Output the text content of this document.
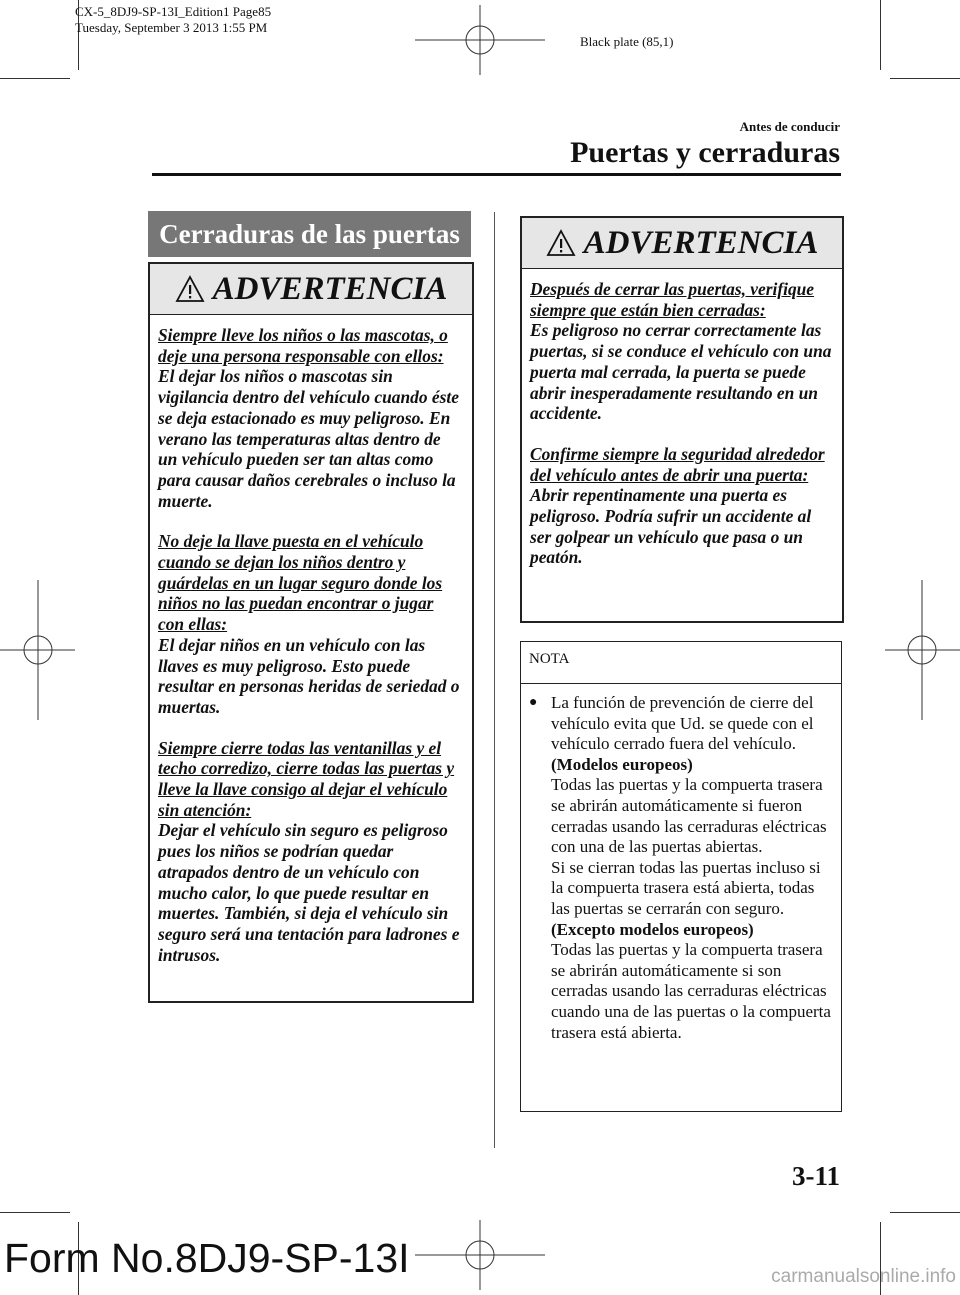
CX-5_8DJ9-SP-13I_Edition1 Page85
Tuesday, September 3 2013 1:55 PM
Black plate (85,1)
Antes de conducir
Puertas y cerraduras
Cerraduras de las puertas
ADVERTENCIA

Siempre lleve los niños o las mascotas, o deje una persona responsable con ellos:
El dejar los niños o mascotas sin vigilancia dentro del vehículo cuando éste se deja estacionado es muy peligroso. En verano las temperaturas altas dentro de un vehículo pueden ser tan altas como para causar daños cerebrales o incluso la muerte.

No deje la llave puesta en el vehículo cuando se dejan los niños dentro y guárdelas en un lugar seguro donde los niños no las puedan encontrar o jugar con ellas:
El dejar niños en un vehículo con las llaves es muy peligroso. Esto puede resultar en personas heridas de seriedad o muertas.

Siempre cierre todas las ventanillas y el techo corredizo, cierre todas las puertas y lleve la llave consigo al dejar el vehículo sin atención:
Dejar el vehículo sin seguro es peligroso pues los niños se podrían quedar atrapados dentro de un vehículo con mucho calor, lo que puede resultar en muertes. También, si deja el vehículo sin seguro será una tentación para ladrones e intrusos.

ADVERTENCIA

Después de cerrar las puertas, verifique siempre que están bien cerradas:
Es peligroso no cerrar correctamente las puertas, si se conduce el vehículo con una puerta mal cerrada, la puerta se puede abrir inesperadamente resultando en un accidente.

Confirme siempre la seguridad alrededor del vehículo antes de abrir una puerta:
Abrir repentinamente una puerta es peligroso. Podría sufrir un accidente al ser golpear un vehículo que pasa o un peatón.

NOTA
● La función de prevención de cierre del vehículo evita que Ud. se quede con el vehículo cerrado fuera del vehículo.
(Modelos europeos)
Todas las puertas y la compuerta trasera se abrirán automáticamente si fueron cerradas usando las cerraduras eléctricas con una de las puertas abiertas.
Si se cierran todas las puertas incluso si la compuerta trasera está abierta, todas las puertas se cerrarán con seguro.
(Excepto modelos europeos)
Todas las puertas y la compuerta trasera se abrirán automáticamente si son cerradas usando las cerraduras eléctricas cuando una de las puertas o la compuerta trasera está abierta.
3-11
Form No.8DJ9-SP-13I	carmanualsonline.info
